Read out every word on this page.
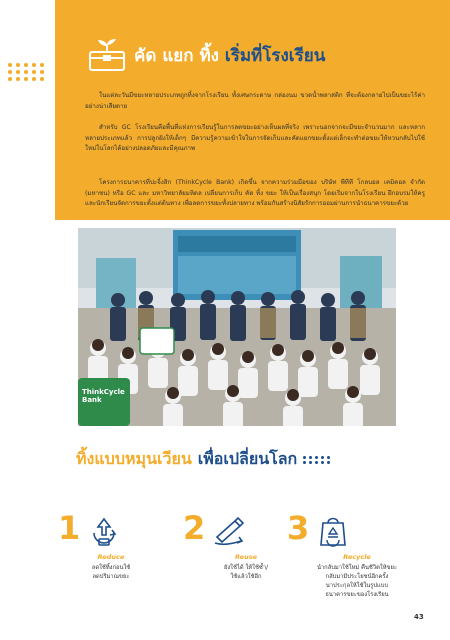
คัด แยก ทิ้ง เริ่มที่โรงเรียน

ในแต่ละวันมีขยะหลายประเภทถูกทิ้งจากโรงเรียน ทั้งเศษกระดาษ กล่องนม ขวดน้ำพลาสติก ที่จะต้องกลายไปเป็นขยะไร้ค่าอย่างน่าเสียดาย

สำหรับ GC โรงเรียนคือพื้นที่แห่งการเรียนรู้ในการลดขยะอย่างเห็นผลที่จริง เพราะนอกจากจะมีขยะจำนวนมาก และหลากหลายประเภทแล้ว การปลูกฝังให้เด็กๆ มีความรู้ความเข้าใจในการจัดเก็บและคัดแยกขยะตั้งแต่เล็กจะทำต่อขยะให้หวนกลับไปใช้ใหม่ในโลกได้อย่างปลอดภัยและมีคุณภาพ

โครงการธนาคารที่ปะจิ้งสิก (ThinkCycle Bank) เกิดขึ้น จากความร่วมมือของ บริษัท พีทีที โกลบอล เคมิคอล จำกัด (มหาชน) หรือ GC และ มหาวิทยาลัยมหิดล เปลี่ยนการเก็บ คัด ทิ้ง ขยะ ให้เป็นเรื่องสนุก โดยเริ่มจากในโรงเรียน ฝึกอบรมให้ครูและนักเรียนจัดการขยะตั้งแต่ต้นทาง เพื่อลดการขยะทั้งปลายทาง พร้อมกันสร้างนิสัยรักการออมผ่านการนำธนาคารขยะด้วย

ThinkCycle Bank
ทิ้งแบบหมุนเวียน เพื่อเปลี่ยนโลก
1
Reduce
ลดใช้ทิ้งก่อนใช้
ลดปริมาณขยะ
2
Reuse
ยังใช้ได้ ให้ใช้ซ้ำ/
ใช้แล้วใช้อีก
3
Recycle
นำกลับมาใช้ใหม่ คืนชีวิตให้ขยะ
กลับมามีประโยชน์อีกครั้ง
นาประกุลให้ใช้ในรูปแบบ
ธนาคารขยะของโรงเรียน
43
